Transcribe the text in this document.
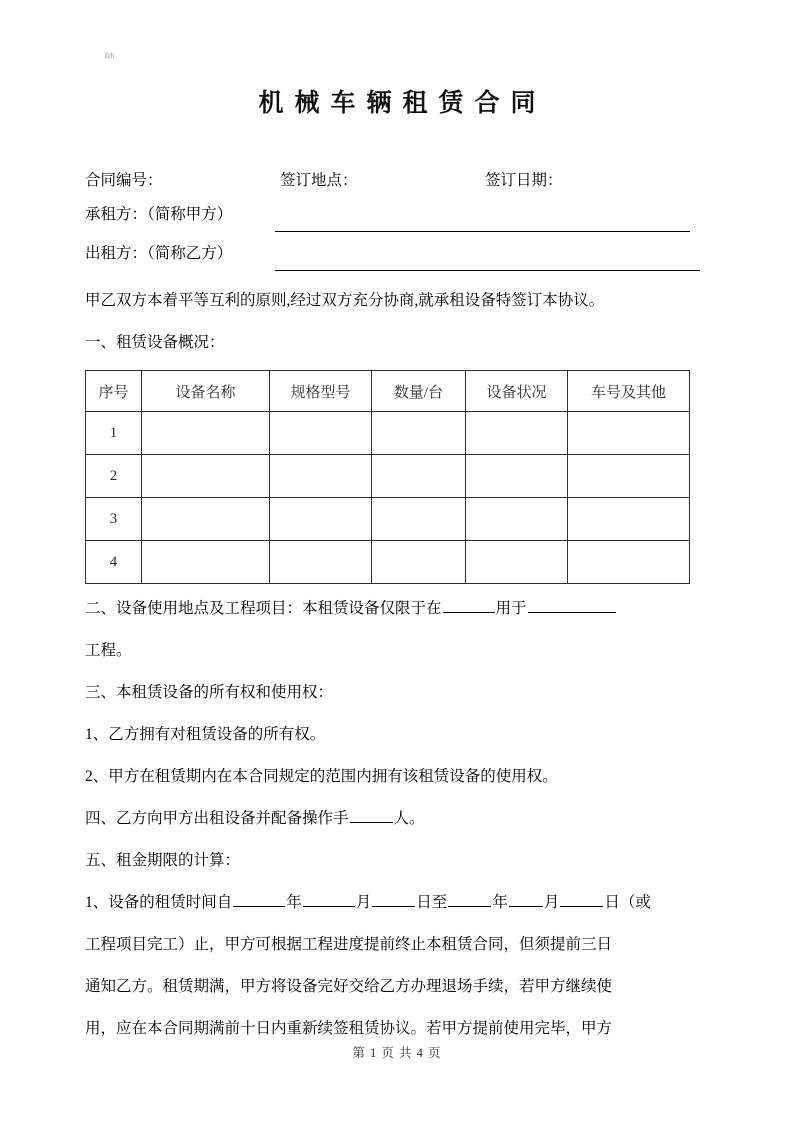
取h
机械车辆租赁合同
合同编号：	签订地点：	签订日期：
承租方：（简称甲方）
出租方：（简称乙方）

甲乙双方本着平等互利的原则,经过双方充分协商,就承租设备特签订本协议。

一、租赁设备概况：

序号	设备名称	规格型号	数量/台	设备状况	车号及其他
1					
2					
3					
4					

二、设备使用地点及工程项目：本租赁设备仅限于在	用于

工程。

三、本租赁设备的所有权和使用权：

1、乙方拥有对租赁设备的所有权。

2、甲方在租赁期内在本合同规定的范围内拥有该租赁设备的使用权。

四、乙方向甲方出租设备并配备操作手	人。

五、租金期限的计算：

1、设备的租赁时间自	年	月	日至	年 月	日（或

工程项目完工）止，甲方可根据工程进度提前终止本租赁合同，但须提前三日

通知乙方。租赁期满，甲方将设备完好交给乙方办理退场手续，若甲方继续使

用，应在本合同期满前十日内重新续签租赁协议。若甲方提前使用完毕，甲方

第 1 页 共 4 页
